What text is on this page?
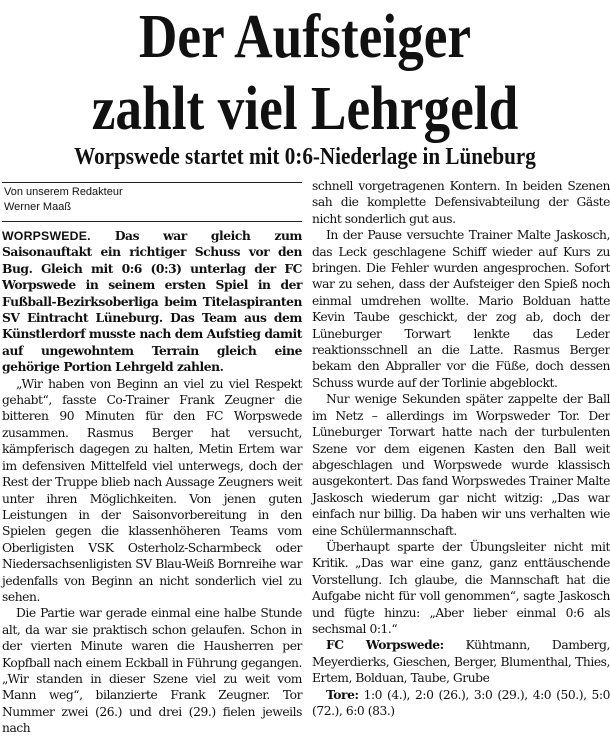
Der Aufsteiger
zahlt viel Lehrgeld
Worpswede startet mit 0:6-Niederlage in Lüneburg
Von unserem Redakteur
Werner Maaß

WORPSWEDE. Das war gleich zum Saisonauftakt ein richtiger Schuss vor den Bug. Gleich mit 0:6 (0:3) unterlag der FC Worpswede in seinem ersten Spiel in der Fußball-Bezirksoberliga beim Titelaspiranten SV Eintracht Lüneburg. Das Team aus dem Künstlerdorf musste nach dem Aufstieg damit auf ungewohntem Terrain gleich eine gehörige Portion Lehrgeld zahlen.

„Wir haben von Beginn an viel zu viel Respekt gehabt“, fasste Co-Trainer Frank Zeugner die bitteren 90 Minuten für den FC Worpswede zusammen. Rasmus Berger hat versucht, kämpferisch dagegen zu halten, Metin Ertem war im defensiven Mittelfeld viel unterwegs, doch der Rest der Truppe blieb nach Aussage Zeugners weit unter ihren Möglichkeiten. Von jenen guten Leistungen in der Saisonvorbereitung in den Spielen gegen die klassenhöheren Teams vom Oberligisten VSK Osterholz-Scharmbeck oder Niedersachsenligisten SV Blau-Weiß Bornreihe war jedenfalls von Beginn an nicht sonderlich viel zu sehen.

Die Partie war gerade einmal eine halbe Stunde alt, da war sie praktisch schon gelaufen. Schon in der vierten Minute waren die Hausherren per Kopfball nach einem Eckball in Führung gegangen. „Wir standen in dieser Szene viel zu weit vom Mann weg“, bilanzierte Frank Zeugner. Tor Nummer zwei (26.) und drei (29.) fielen jeweils nach

schnell vorgetragenen Kontern. In beiden Szenen sah die komplette Defensivabteilung der Gäste nicht sonderlich gut aus.

In der Pause versuchte Trainer Malte Jaskosch, das Leck geschlagene Schiff wieder auf Kurs zu bringen. Die Fehler wurden angesprochen. Sofort war zu sehen, dass der Aufsteiger den Spieß noch einmal umdrehen wollte. Mario Bolduan hatte Kevin Taube geschickt, der zog ab, doch der Lüneburger Torwart lenkte das Leder reaktionsschnell an die Latte. Rasmus Berger bekam den Abpraller vor die Füße, doch dessen Schuss wurde auf der Torlinie abgeblockt.

Nur wenige Sekunden später zappelte der Ball im Netz – allerdings im Worpsweder Tor. Der Lüneburger Torwart hatte nach der turbulenten Szene vor dem eigenen Kasten den Ball weit abgeschlagen und Worpswede wurde klassisch ausgekontert. Das fand Worpswedes Trainer Malte Jaskosch wiederum gar nicht witzig: „Das war einfach nur billig. Da haben wir uns verhalten wie eine Schülermannschaft.

Überhaupt sparte der Übungsleiter nicht mit Kritik. „Das war eine ganz, ganz enttäuschende Vorstellung. Ich glaube, die Mannschaft hat die Aufgabe nicht für voll genommen“, sagte Jaskosch und fügte hinzu: „Aber lieber einmal 0:6 als sechsmal 0:1.“

FC Worpswede: Kühtmann, Damberg, Meyerdierks, Gieschen, Berger, Blumenthal, Thies, Ertem, Bolduan, Taube, Grube

Tore: 1:0 (4.), 2:0 (26.), 3:0 (29.), 4:0 (50.), 5:0 (72.), 6:0 (83.)
